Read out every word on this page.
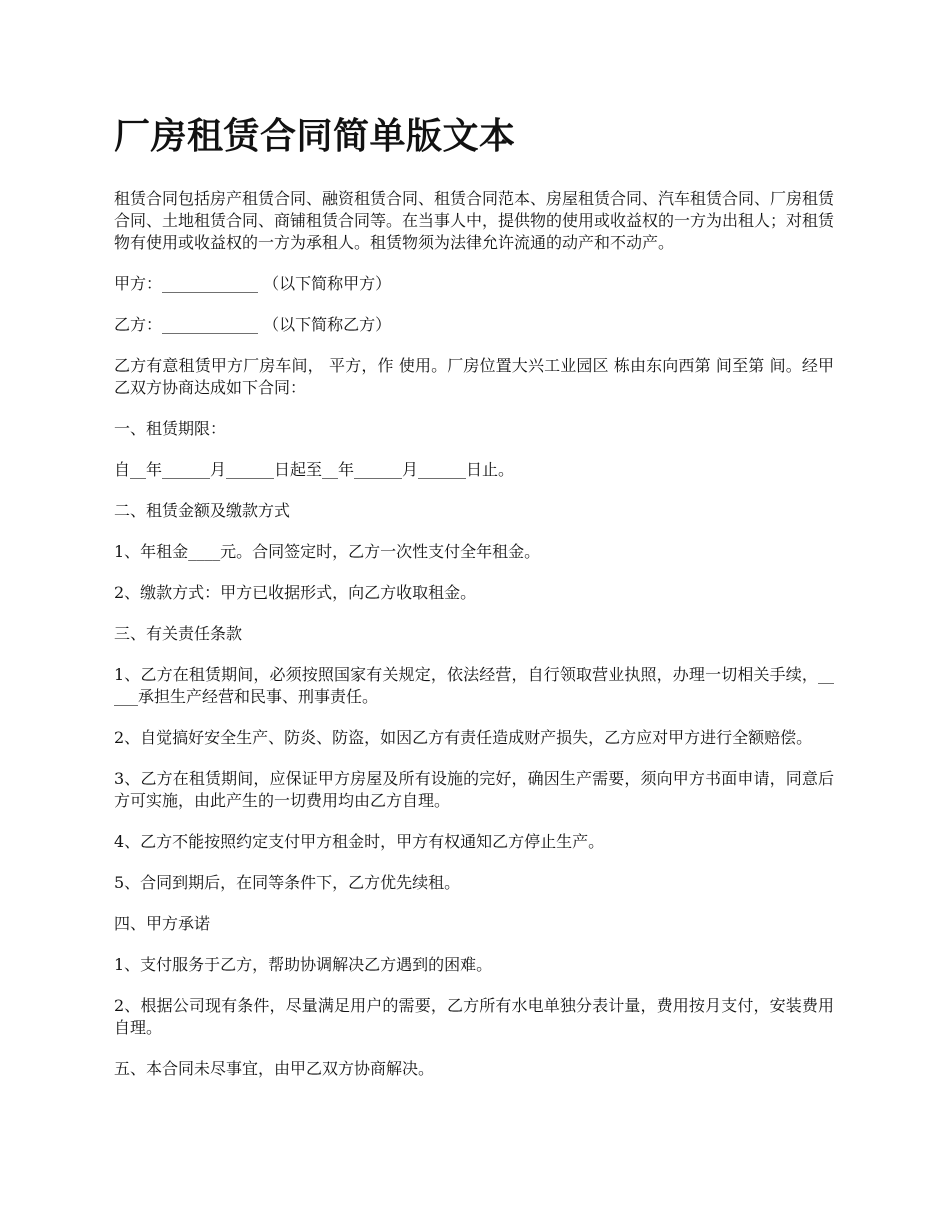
厂房租赁合同简单版文本

租赁合同包括房产租赁合同、融资租赁合同、租赁合同范本、房屋租赁合同、汽车租赁合同、厂房租赁合同、土地租赁合同、商铺租赁合同等。在当事人中，提供物的使用或收益权的一方为出租人；对租赁物有使用或收益权的一方为承租人。租赁物须为法律允许流通的动产和不动产。

甲方：____________ （以下简称甲方）

乙方：____________ （以下简称乙方）

乙方有意租赁甲方厂房车间， 平方，作 使用。厂房位置大兴工业园区 栋由东向西第 间至第 间。经甲乙双方协商达成如下合同：

一、租赁期限：

自__年______月______日起至__年______月______日止。

二、租赁金额及缴款方式

1、年租金____元。合同签定时，乙方一次性支付全年租金。

2、缴款方式：甲方已收据形式，向乙方收取租金。

三、有关责任条款

1、乙方在租赁期间，必须按照国家有关规定，依法经营，自行领取营业执照，办理一切相关手续，_____承担生产经营和民事、刑事责任。

2、自觉搞好安全生产、防炎、防盗，如因乙方有责任造成财产损失，乙方应对甲方进行全额赔偿。

3、乙方在租赁期间，应保证甲方房屋及所有设施的完好，确因生产需要，须向甲方书面申请，同意后方可实施，由此产生的一切费用均由乙方自理。

4、乙方不能按照约定支付甲方租金时，甲方有权通知乙方停止生产。

5、合同到期后，在同等条件下，乙方优先续租。

四、甲方承诺

1、支付服务于乙方，帮助协调解决乙方遇到的困难。

2、根据公司现有条件，尽量满足用户的需要，乙方所有水电单独分表计量，费用按月支付，安装费用自理。

五、本合同未尽事宜，由甲乙双方协商解决。
